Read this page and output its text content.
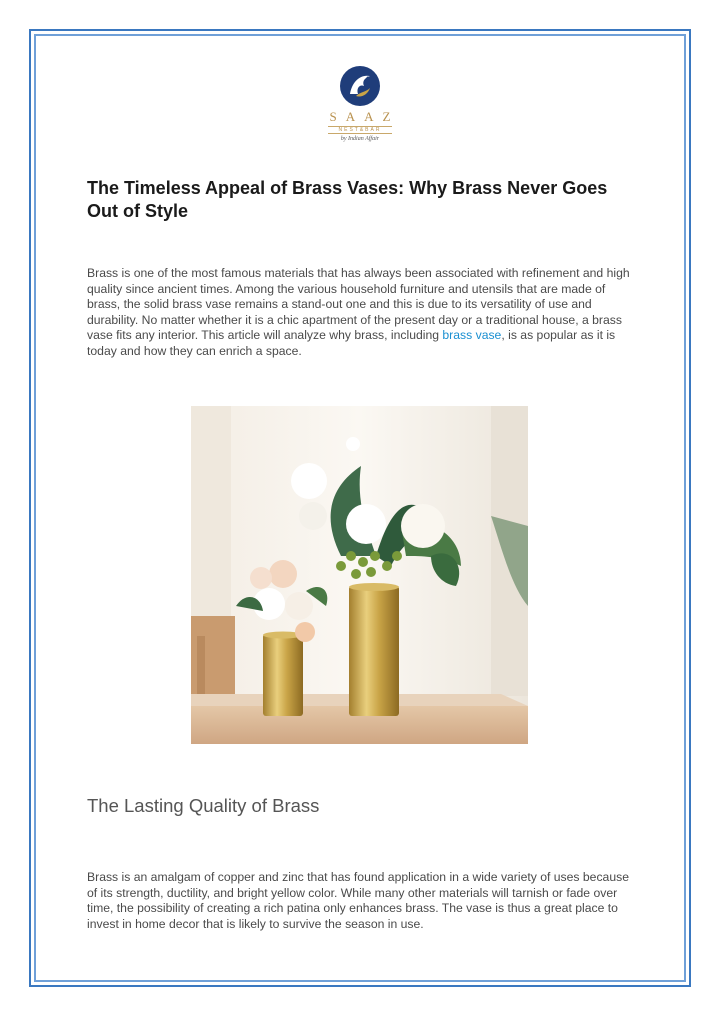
SAAZ
NEST&BAR
by Indian Affair
The Timeless Appeal of Brass Vases: Why Brass Never Goes Out of Style

Brass is one of the most famous materials that has always been associated with refinement and high quality since ancient times. Among the various household furniture and utensils that are made of brass, the solid brass vase remains a stand-out one and this is due to its versatility of use and durability. No matter whether it is a chic apartment of the present day or a traditional house, a brass vase fits any interior. This article will analyze why brass, including brass vase, is as popular as it is today and how they can enrich a space.

The Lasting Quality of Brass

Brass is an amalgam of copper and zinc that has found application in a wide variety of uses because of its strength, ductility, and bright yellow color. While many other materials will tarnish or fade over time, the possibility of creating a rich patina only enhances brass. The vase is thus a great place to invest in home decor that is likely to survive the season in use.
